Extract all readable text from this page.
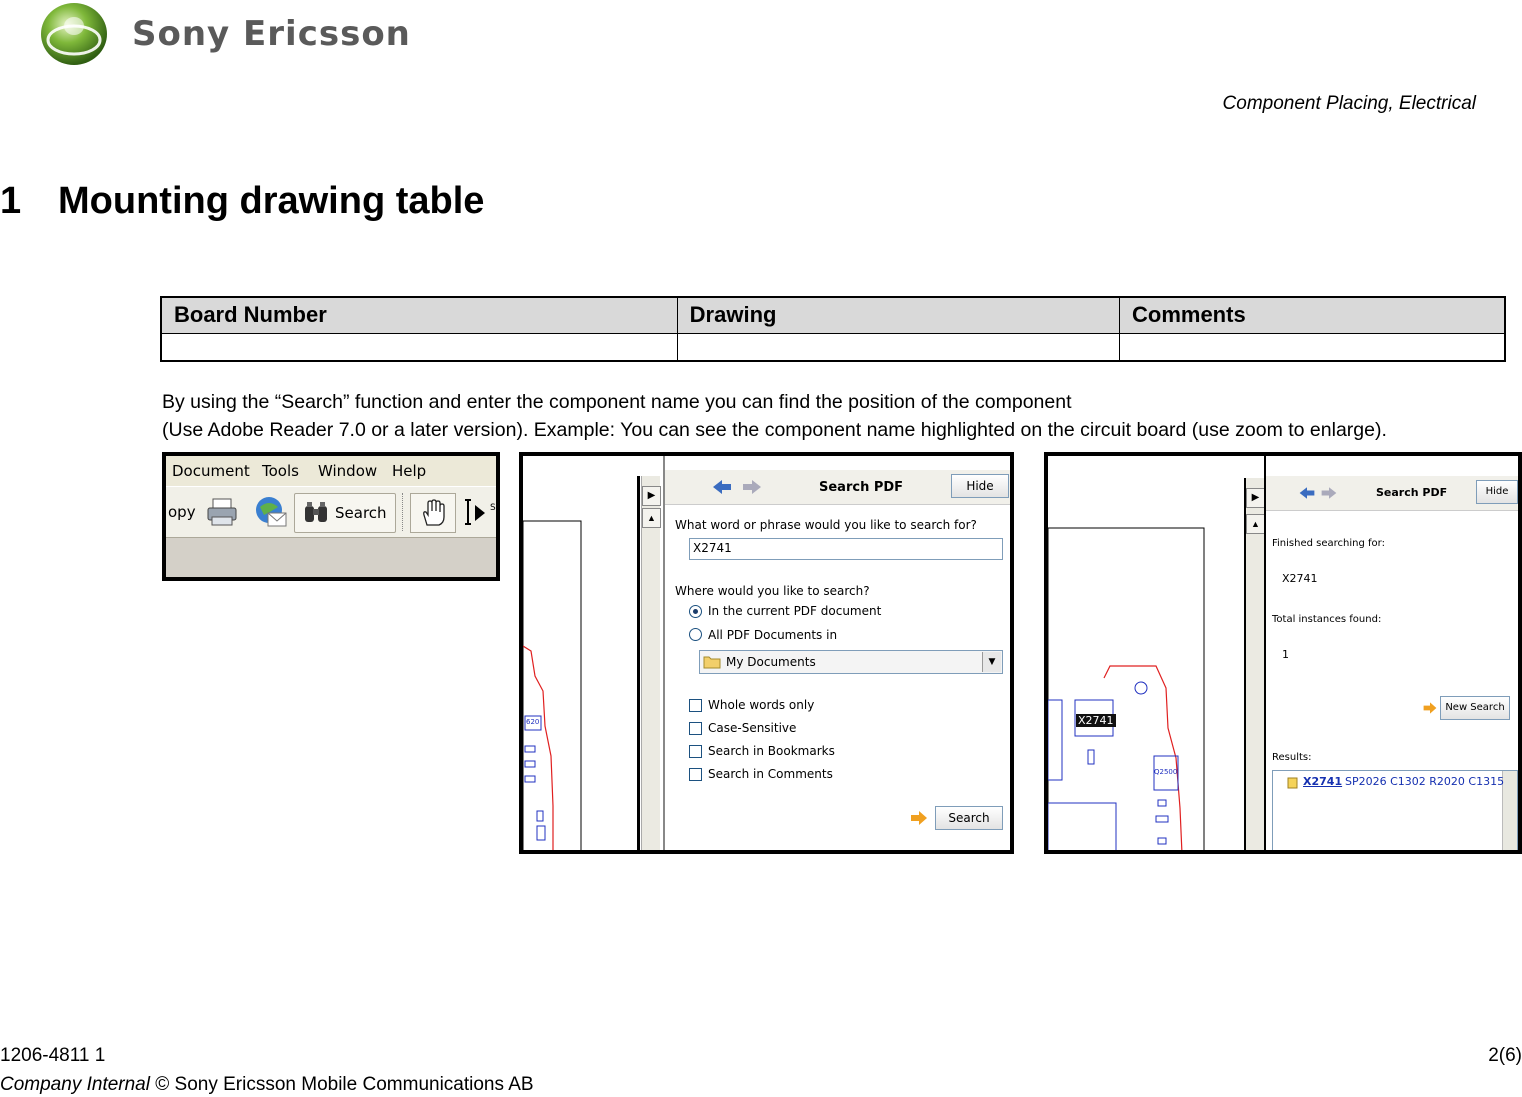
Sony Ericsson
Component Placing, Electrical
1 Mounting drawing table
Board Number	Drawing	Comments

By using the “Search” function and enter the component name you can find the position of the component
(Use Adobe Reader 7.0 or a later version). Example: You can see the component name highlighted on the circuit board (use zoom to enlarge).
Document Tools Window Help
opy	Search	S
620
▶
▲
Search PDF	Hide
What word or phrase would you like to search for?
X2741
Where would you like to search?
In the current PDF document
All PDF Documents in
My Documents	▼
Whole words only
Case-Sensitive
Search in Bookmarks
Search in Comments
Search
X2741
Q2500
▶
▲
Search PDF	Hide
Finished searching for:
X2741
Total instances found:
1
New Search
Results:
X2741 SP2026 C1302 R2020 C1315
1206-4811 1	2(6)
Company Internal © Sony Ericsson Mobile Communications AB
